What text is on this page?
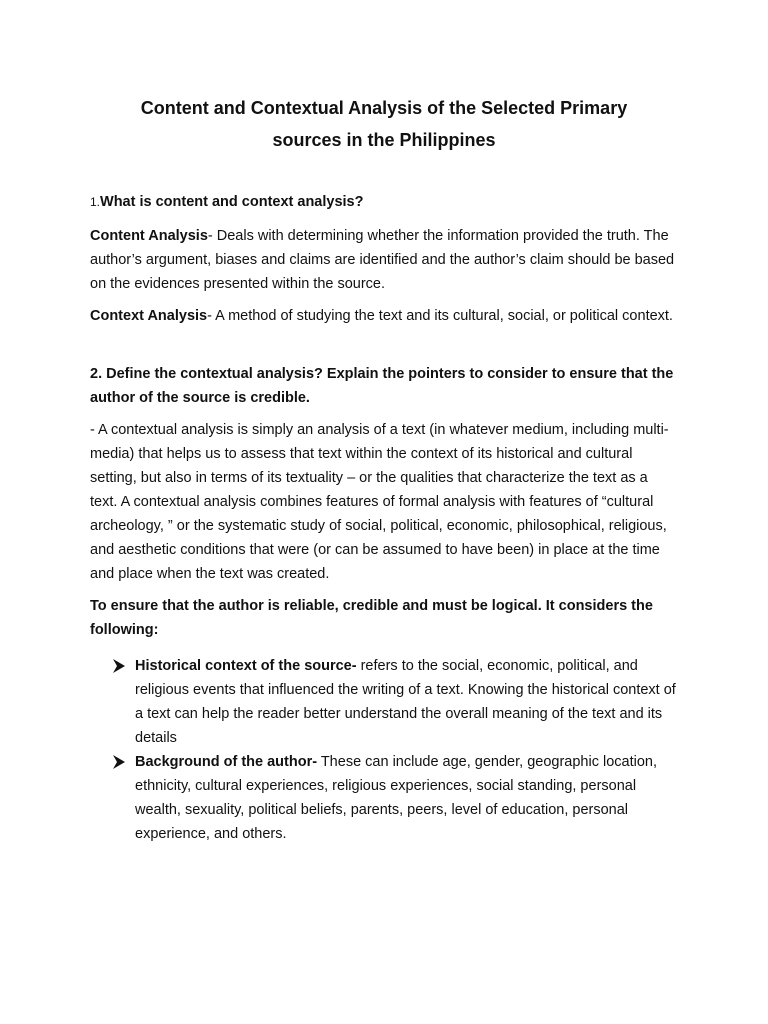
Content and Contextual Analysis of the Selected Primary
sources in the Philippines
1.What is content and context analysis?
Content Analysis- Deals with determining whether the information provided the truth. The author’s argument, biases and claims are identified and the author’s claim should be based on the evidences presented within the source.
Context Analysis- A method of studying the text and its cultural, social, or political context.
2. Define the contextual analysis? Explain the pointers to consider to ensure that the author of the source is credible.
- A contextual analysis is simply an analysis of a text (in whatever medium, including multi-media) that helps us to assess that text within the context of its historical and cultural setting, but also in terms of its textuality – or the qualities that characterize the text as a text. A contextual analysis combines features of formal analysis with features of “cultural archeology, ” or the systematic study of social, political, economic, philosophical, religious, and aesthetic conditions that were (or can be assumed to have been) in place at the time and place when the text was created.
To ensure that the author is reliable, credible and must be logical. It considers the following:
Historical context of the source- refers to the social, economic, political, and religious events that influenced the writing of a text. Knowing the historical context of a text can help the reader better understand the overall meaning of the text and its details
Background of the author- These can include age, gender, geographic location, ethnicity, cultural experiences, religious experiences, social standing, personal wealth, sexuality, political beliefs, parents, peers, level of education, personal experience, and others.
